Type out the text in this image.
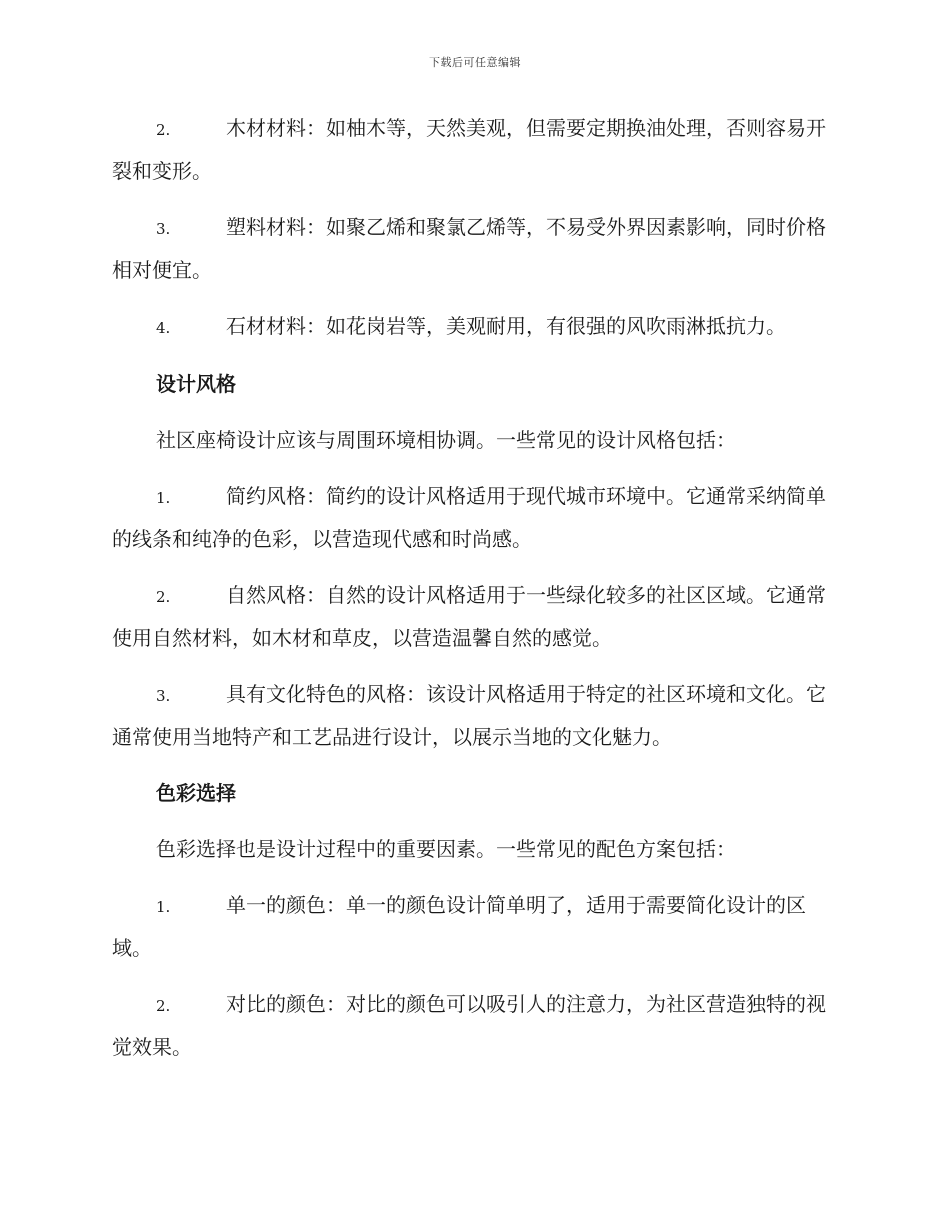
下载后可任意编辑

2.	木材材料：如柚木等，天然美观，但需要定期换油处理，否则容易开裂和变形。

3.	塑料材料：如聚乙烯和聚氯乙烯等，不易受外界因素影响，同时价格相对便宜。

4.	石材材料：如花岗岩等，美观耐用，有很强的风吹雨淋抵抗力。

设计风格

社区座椅设计应该与周围环境相协调。一些常见的设计风格包括：

1.	简约风格：简约的设计风格适用于现代城市环境中。它通常采纳简单的线条和纯净的色彩，以营造现代感和时尚感。

2.	自然风格：自然的设计风格适用于一些绿化较多的社区区域。它通常使用自然材料，如木材和草皮，以营造温馨自然的感觉。

3.	具有文化特色的风格：该设计风格适用于特定的社区环境和文化。它通常使用当地特产和工艺品进行设计，以展示当地的文化魅力。

色彩选择

色彩选择也是设计过程中的重要因素。一些常见的配色方案包括：

1.	单一的颜色：单一的颜色设计简单明了，适用于需要简化设计的区域。

2.	对比的颜色：对比的颜色可以吸引人的注意力，为社区营造独特的视觉效果。
